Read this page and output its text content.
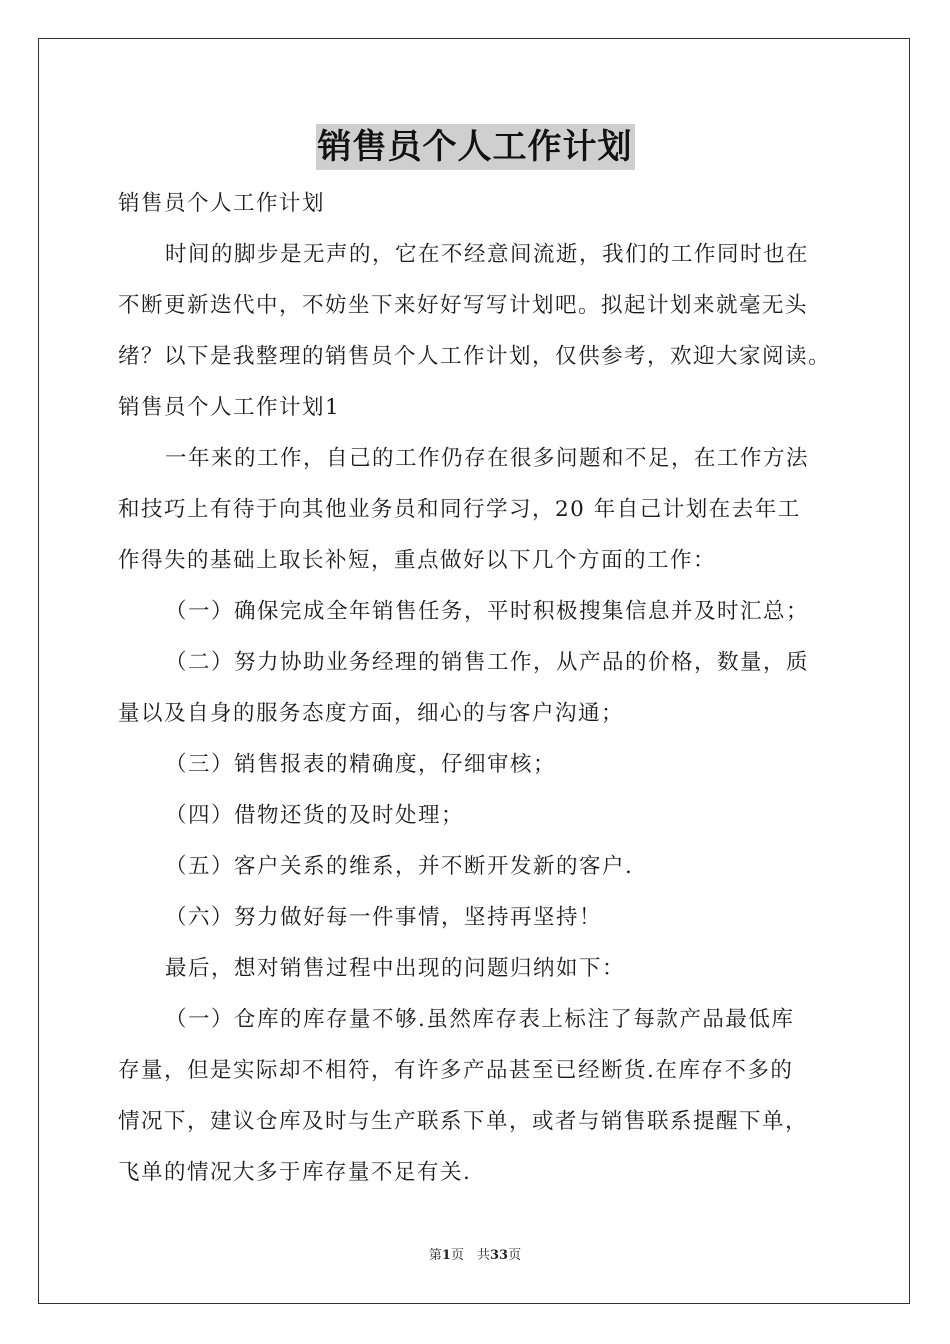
销售员个人工作计划

销售员个人工作计划

时间的脚步是无声的，它在不经意间流逝，我们的工作同时也在

不断更新迭代中，不妨坐下来好好写写计划吧。拟起计划来就毫无头

绪？以下是我整理的销售员个人工作计划，仅供参考，欢迎大家阅读。

销售员个人工作计划1

一年来的工作，自己的工作仍存在很多问题和不足，在工作方法

和技巧上有待于向其他业务员和同行学习，20 年自己计划在去年工

作得失的基础上取长补短，重点做好以下几个方面的工作：

（一）确保完成全年销售任务，平时积极搜集信息并及时汇总；

（二）努力协助业务经理的销售工作，从产品的价格，数量，质

量以及自身的服务态度方面，细心的与客户沟通；

（三）销售报表的精确度，仔细审核；

（四）借物还货的及时处理；

（五）客户关系的维系，并不断开发新的客户.

（六）努力做好每一件事情，坚持再坚持！

最后，想对销售过程中出现的问题归纳如下：

（一）仓库的库存量不够.虽然库存表上标注了每款产品最低库

存量，但是实际却不相符，有许多产品甚至已经断货.在库存不多的

情况下，建议仓库及时与生产联系下单，或者与销售联系提醒下单，

飞单的情况大多于库存量不足有关.

第1页　共33页
